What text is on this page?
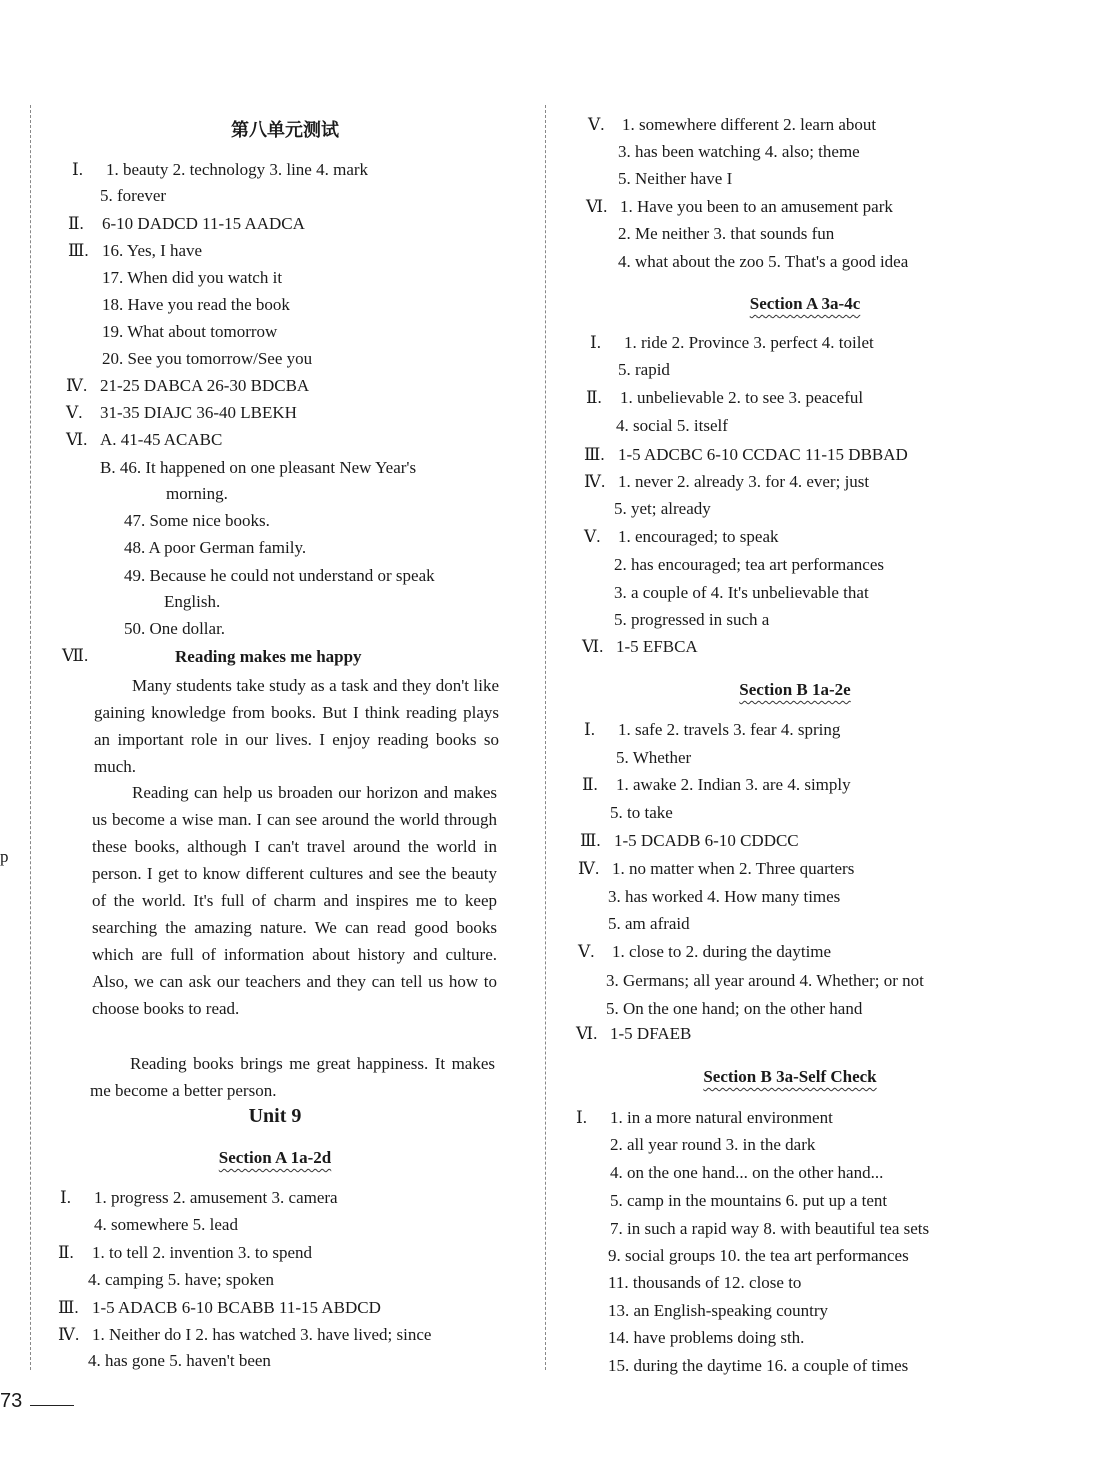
p
第八单元测试
Ⅰ. 1. beauty 2. technology 3. line 4. mark
5. forever
Ⅱ. 6-10 DADCD 11-15 AADCA
Ⅲ. 16. Yes, I have
17. When did you watch it
18. Have you read the book
19. What about tomorrow
20. See you tomorrow/See you
Ⅳ. 21-25 DABCA 26-30 BDCBA
Ⅴ. 31-35 DIAJC 36-40 LBEKH
Ⅵ. A. 41-45 ACABC
B. 46. It happened on one pleasant New Year's
morning.
47. Some nice books.
48. A poor German family.
49. Because he could not understand or speak
English.
50. One dollar.
Ⅶ.	Reading makes me happy
Many students take study as a task and they don't like gaining knowledge from books. But I think reading plays an important role in our lives. I enjoy reading books so much.
Reading can help us broaden our horizon and makes us become a wise man. I can see around the world through these books, although I can't travel around the world in person. I get to know different cultures and see the beauty of the world. It's full of charm and inspires me to keep searching the amazing nature. We can read good books which are full of information about history and culture. Also, we can ask our teachers and they can tell us how to choose books to read.
Reading books brings me great happiness. It makes me become a better person.
Unit 9
Section A 1a-2d
Ⅰ. 1. progress 2. amusement 3. camera
4. somewhere 5. lead
Ⅱ. 1. to tell 2. invention 3. to spend
4. camping 5. have; spoken
Ⅲ. 1-5 ADACB 6-10 BCABB 11-15 ABDCD
Ⅳ. 1. Neither do I 2. has watched 3. have lived; since
4. has gone 5. haven't been
Ⅴ. 1. somewhere different 2. learn about
3. has been watching 4. also; theme
5. Neither have I
Ⅵ. 1. Have you been to an amusement park
2. Me neither 3. that sounds fun
4. what about the zoo 5. That's a good idea
Section A 3a-4c
Ⅰ. 1. ride 2. Province 3. perfect 4. toilet
5. rapid
Ⅱ. 1. unbelievable 2. to see 3. peaceful
4. social 5. itself
Ⅲ. 1-5 ADCBC 6-10 CCDAC 11-15 DBBAD
Ⅳ. 1. never 2. already 3. for 4. ever; just
5. yet; already
Ⅴ. 1. encouraged; to speak
2. has encouraged; tea art performances
3. a couple of 4. It's unbelievable that
5. progressed in such a
Ⅵ. 1-5 EFBCA
Section B 1a-2e
Ⅰ. 1. safe 2. travels 3. fear 4. spring
5. Whether
Ⅱ. 1. awake 2. Indian 3. are 4. simply
5. to take
Ⅲ. 1-5 DCADB 6-10 CDDCC
Ⅳ. 1. no matter when 2. Three quarters
3. has worked 4. How many times
5. am afraid
Ⅴ. 1. close to 2. during the daytime
3. Germans; all year around 4. Whether; or not
5. On the one hand; on the other hand
Ⅵ. 1-5 DFAEB
Section B 3a-Self Check
Ⅰ. 1. in a more natural environment
2. all year round 3. in the dark
4. on the one hand... on the other hand...
5. camp in the mountains 6. put up a tent
7. in such a rapid way 8. with beautiful tea sets
9. social groups 10. the tea art performances
11. thousands of 12. close to
13. an English-speaking country
14. have problems doing sth.
15. during the daytime 16. a couple of times
73
